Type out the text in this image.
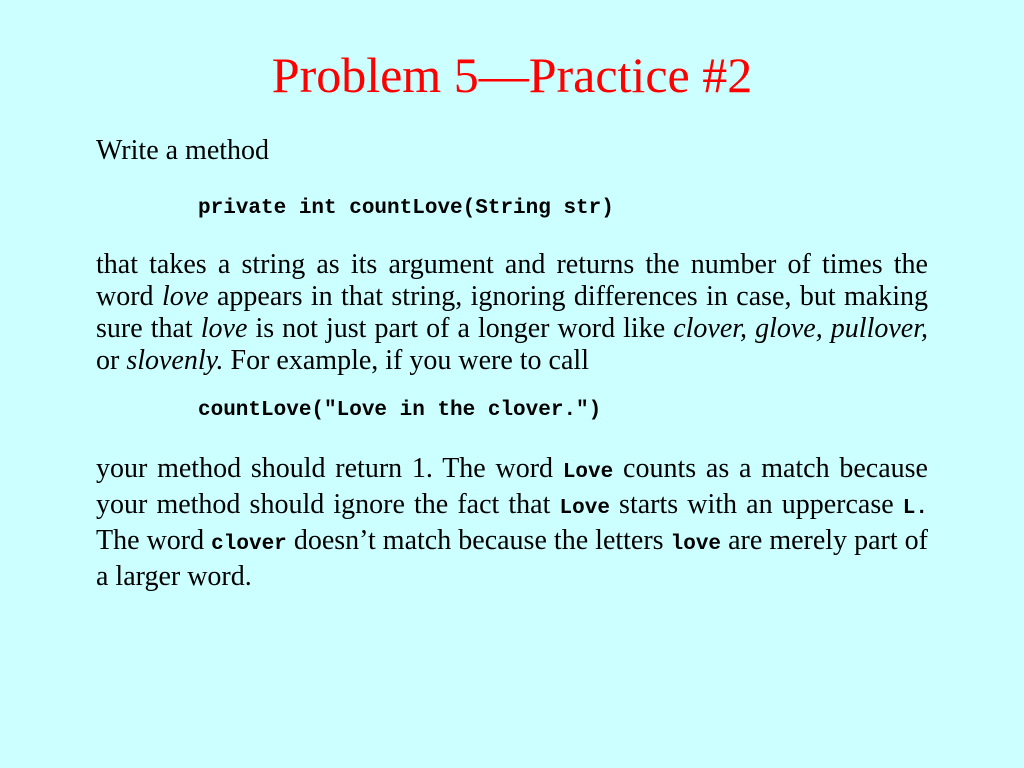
Problem 5—Practice #2

Write a method

private int countLove(String str)

that takes a string as its argument and returns the number of times the word love appears in that string, ignoring differences in case, but making sure that love is not just part of a longer word like clover, glove, pullover, or slovenly. For example, if you were to call

countLove("Love in the clover.")

your method should return 1. The word Love counts as a match because your method should ignore the fact that Love starts with an uppercase L. The word clover doesn’t match because the letters love are merely part of a larger word.
